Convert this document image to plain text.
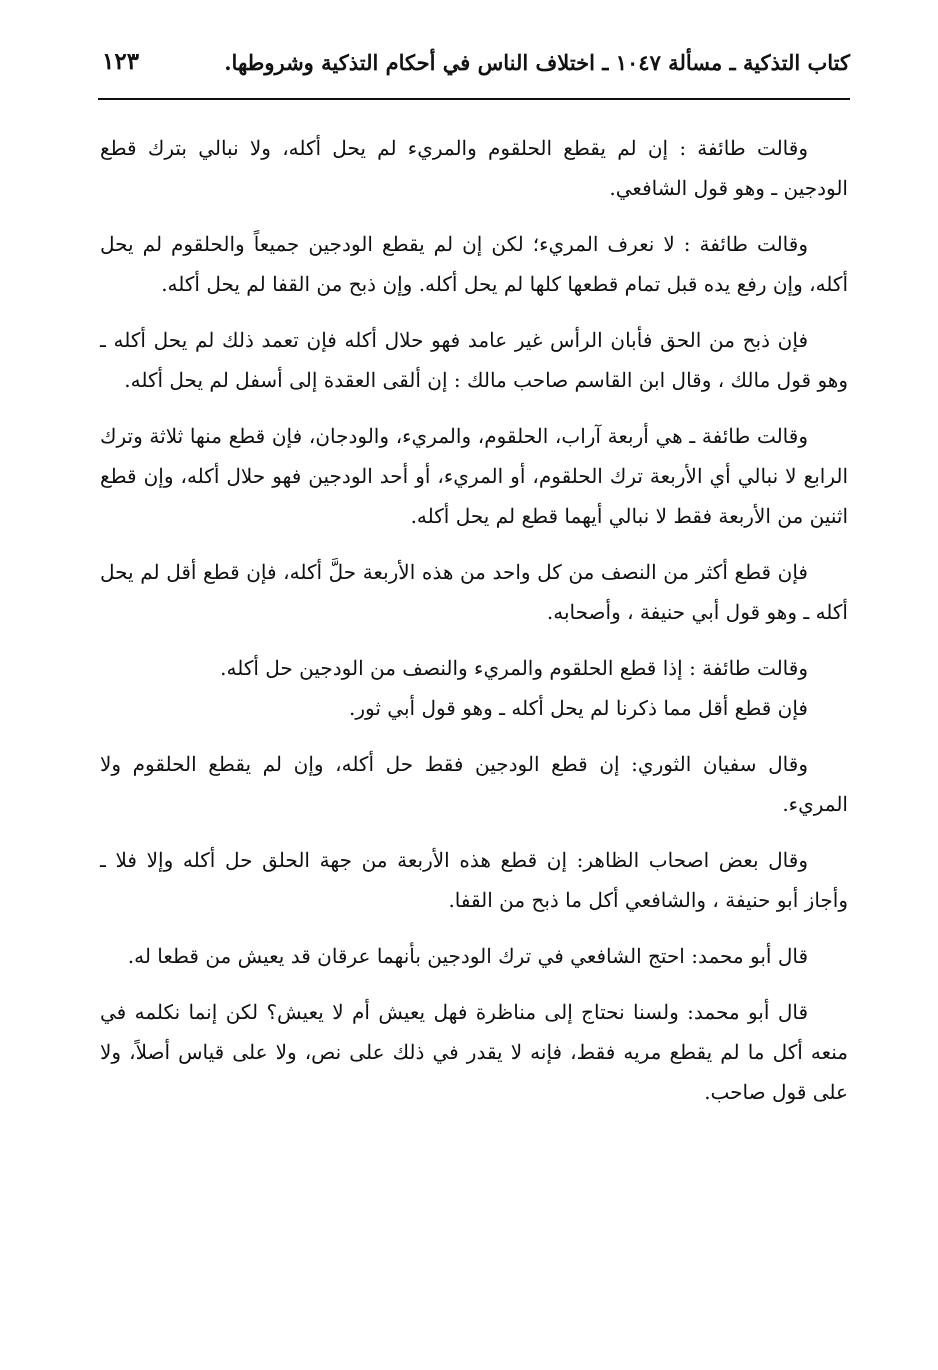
كتاب التذكية ـ مسألة ١٠٤٧ ـ اختلاف الناس في أحكام التذكية وشروطها.
١٢٣

وقالت طائفة : إن لم يقطع الحلقوم والمريء لم يحل أكله، ولا نبالي بترك قطع الودجين ـ وهو قول الشافعي.

وقالت طائفة : لا نعرف المريء؛ لكن إن لم يقطع الودجين جميعاً والحلقوم لم يحل أكله، وإن رفع يده قبل تمام قطعها كلها لم يحل أكله. وإن ذبح من القفا لم يحل أكله.

فإن ذبح من الحق فأبان الرأس غير عامد فهو حلال أكله فإن تعمد ذلك لم يحل أكله ـ وهو قول مالك ، وقال ابن القاسم صاحب مالك : إن ألقى العقدة إلى أسفل لم يحل أكله.

وقالت طائفة ـ هي أربعة آراب، الحلقوم، والمريء، والودجان، فإن قطع منها ثلاثة وترك الرابع لا نبالي أي الأربعة ترك الحلقوم، أو المريء، أو أحد الودجين فهو حلال أكله، وإن قطع اثنين من الأربعة فقط لا نبالي أيهما قطع لم يحل أكله.

فإن قطع أكثر من النصف من كل واحد من هذه الأربعة حلَّ أكله، فإن قطع أقل لم يحل أكله ـ وهو قول أبي حنيفة ، وأصحابه.

وقالت طائفة : إذا قطع الحلقوم والمريء والنصف من الودجين حل أكله.

فإن قطع أقل مما ذكرنا لم يحل أكله ـ وهو قول أبي ثور.

وقال سفيان الثوري: إن قطع الودجين فقط حل أكله، وإن لم يقطع الحلقوم ولا المريء.

وقال بعض اصحاب الظاهر: إن قطع هذه الأربعة من جهة الحلق حل أكله وإلا فلا ـ وأجاز أبو حنيفة ، والشافعي أكل ما ذبح من القفا.

قال أبو محمد: احتج الشافعي في ترك الودجين بأنهما عرقان قد يعيش من قطعا له.

قال أبو محمد: ولسنا نحتاج إلى مناظرة فهل يعيش أم لا يعيش؟ لكن إنما نكلمه في منعه أكل ما لم يقطع مريه فقط، فإنه لا يقدر في ذلك على نص، ولا على قياس أصلاً، ولا على قول صاحب.
